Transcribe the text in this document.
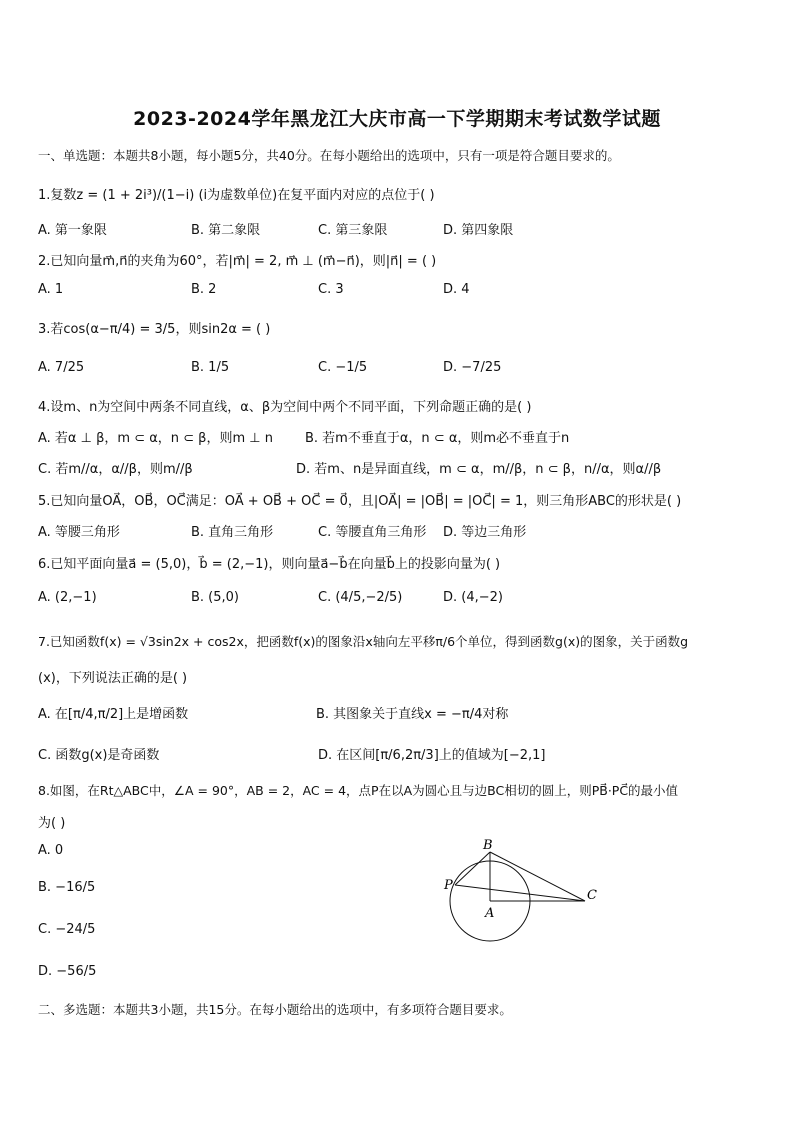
2023-2024学年黑龙江大庆市高一下学期期末考试数学试题
一、单选题：本题共8小题，每小题5分，共40分。在每小题给出的选项中，只有一项是符合题目要求的。
1.复数z = (1 + 2i³)/(1−i) (i为虚数单位)在复平面内对应的点位于( )
A. 第一象限	B. 第二象限	C. 第三象限	D. 第四象限
2.已知向量m⃗,n⃗的夹角为60°，若|m⃗| = 2, m⃗ ⊥ (m⃗−n⃗)，则|n⃗| = ( )
A. 1	B. 2	C. 3	D. 4
3.若cos(α−π/4) = 3/5，则sin2α = ( )
A. 7/25	B. 1/5	C. −1/5	D. −7/25
4.设m、n为空间中两条不同直线，α、β为空间中两个不同平面，下列命题正确的是( )
A. 若α ⊥ β，m ⊂ α，n ⊂ β，则m ⊥ n B. 若m不垂直于α，n ⊂ α，则m必不垂直于n
C. 若m//α，α//β，则m//β	D. 若m、n是异面直线，m ⊂ α，m//β，n ⊂ β，n//α，则α//β
5.已知向量OA⃗，OB⃗，OC⃗满足：OA⃗ + OB⃗ + OC⃗ = 0⃗，且|OA⃗| = |OB⃗| = |OC⃗| = 1，则三角形ABC的形状是( )
A. 等腰三角形	B. 直角三角形	C. 等腰直角三角形 D. 等边三角形
6.已知平面向量a⃗ = (5,0)，b⃗ = (2,−1)，则向量a⃗−b⃗在向量b⃗上的投影向量为( )
A. (2,−1)	B. (5,0)	C. (4/5,−2/5)	D. (4,−2)
7.已知函数f(x) = √3sin2x + cos2x，把函数f(x)的图象沿x轴向左平移π/6个单位，得到函数g(x)的图象，关于函数g
(x)，下列说法正确的是( )
A. 在[π/4,π/2]上是增函数	B. 其图象关于直线x = −π/4对称
C. 函数g(x)是奇函数	D. 在区间[π/6,2π/3]上的值域为[−2,1]
8.如图，在Rt△ABC中，∠A = 90°，AB = 2，AC = 4，点P在以A为圆心且与边BC相切的圆上，则PB⃗·PC⃗的最小值
为( )
A. 0
B. −16/5
C. −24/5
D. −56/5
B
P
A
C
二、多选题：本题共3小题，共15分。在每小题给出的选项中，有多项符合题目要求。
